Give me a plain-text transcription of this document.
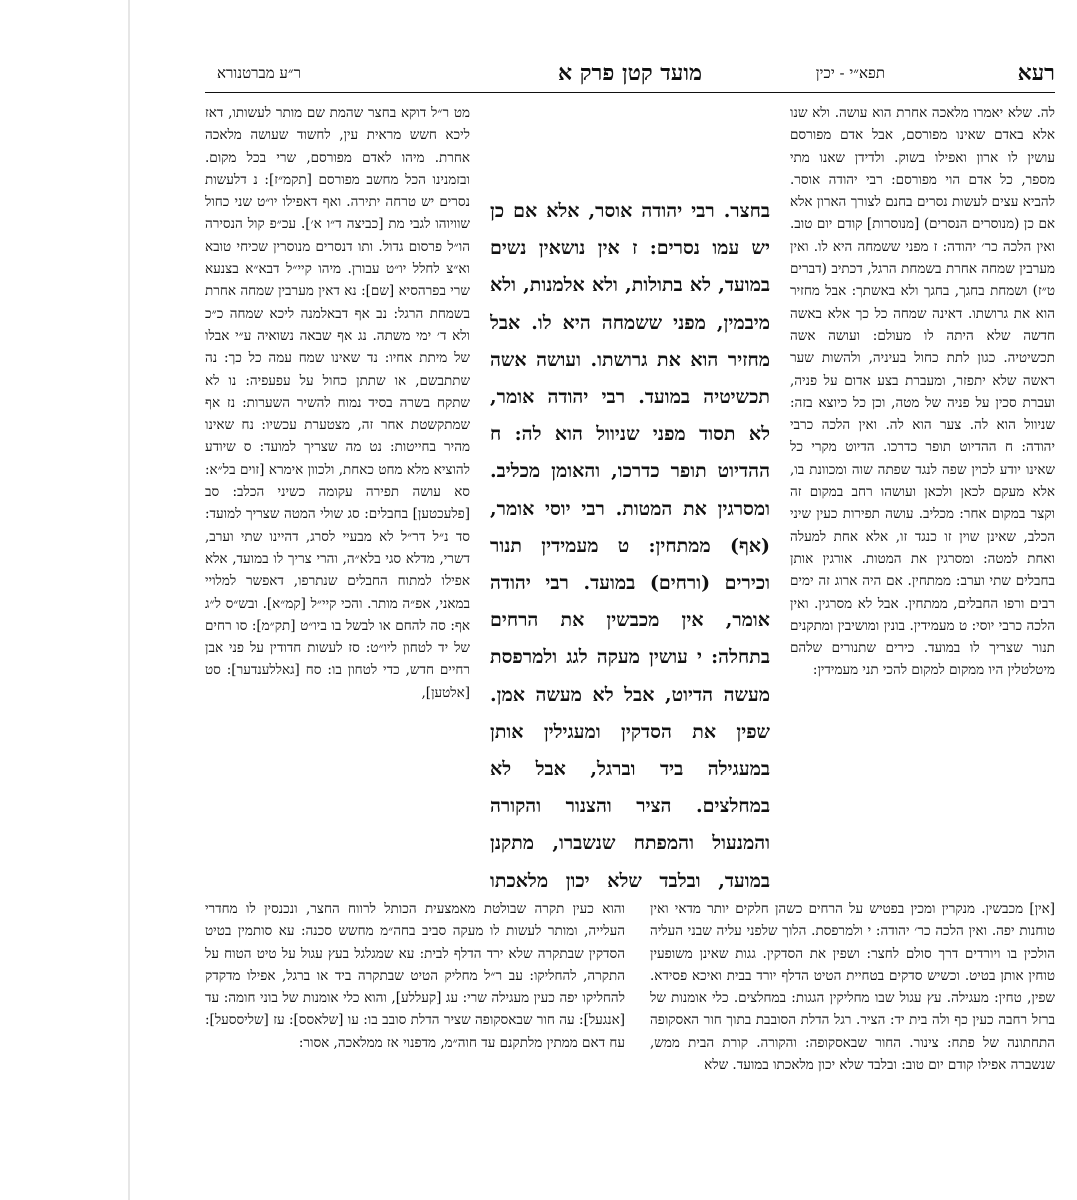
רעא
תפא״י - יכין
מועד קטן פרק א
ר״ע מברטנורא

לה. שלא יאמרו מלאכה אחרת הוא עושה. ולא שנו אלא באדם שאינו מפורסם, אבל אדם מפורסם עושין לו ארון ואפילו בשוק. ולדידן שאנו מתי מספר, כל אדם הוי מפורסם: רבי יהודה אוסר. להביא עצים לעשות נסרים בחנם לצורך הארון אלא אם כן (מנוסרים הנסרים) [מנוסרות] קודם יום טוב. ואין הלכה כר׳ יהודה: ז מפני ששמחה היא לו. ואין מערבין שמחה אחרת בשמחת הרגל, דכתיב (דברים ט״ז) ושמחת בחגך, בחגך ולא באשתך: אבל מחזיר הוא את גרושתו. דאינה שמחה כל כך אלא באשה חדשה שלא היתה לו מעולם: ועושה אשה תכשיטיה. כגון לתת כחול בעיניה, ולהשות שער ראשה שלא יתפזר, ומעברת בצע אדום על פניה, ועברת סכין על פניה של מטה, וכן כל כיוצא בזה: שניוול הוא לה. צער הוא לה. ואין הלכה כרבי יהודה: ח ההדיוט תופר כדרכו. הדיוט מקרי כל שאינו יודע לכוין שפה לנגד שפתה שוה ומכוונת בו, אלא מעקם לכאן ולכאן ועושהו רחב במקום זה וקצר במקום אחר: מכליב. עושה תפירות כעין שיני הכלב, שאינן שוין זו כנגד זו, אלא אחת למעלה ואחת למטה: ומסרגין את המטות. אורגין אותן בחבלים שתי וערב: ממתחין. אם היה ארוג זה ימים רבים ורפו החבלים, ממתחין. אבל לא מסרגין. ואין הלכה כרבי יוסי: ט מעמידין. בונין ומושיבין ומתקנים תנור שצריך לו במועד. כירים שתנורים שלהם מיטלטלין היו ממקום למקום להכי תני מעמידין:

מט ר״ל דוקא בחצר שהמת שם מותר לעשותו, דאז ליכא חשש מראית עין, לחשוד שעושה מלאכה אחרת. מיהו לאדם מפורסם, שרי בכל מקום. ובזמנינו הכל מחשב מפורסם [תקמ״ז]: נ דלעשות נסרים יש טרחה יתירה. ואף דאפילו יו״ט שני כחול שוויוהו לגבי מת [כביצה ד״ו א׳]. עכ״פ קול הנסירה הו״ל פרסום גדול. ותו דנסרים מנוסרין שכיחי טובא וא״צ לחלל יו״ט עבורן. מיהו קיי״ל דבא״א בצנעא שרי בפרהסיא [שם]: נא דאין מערבין שמחה אחרת בשמחת הרגל: נב אף דבאלמנה ליכא שמחה כ״כ ולא ד׳ ימי משתה. נג אף שבאה נשואיה ע״י אבלו של מיתת אחיו: נד שאינו שמח עמה כל כך: נה שתתבשם, או שתתן כחול על עפעפיה: נו לא שתקח בשרה בסיד נמוח להשיר השערות: נז אף שמתקשטת אחר זה, מצטערת עכשיו: נח שאינו מהיר בחייטות: נט מה שצריך למועד: ס שיודע להוציא מלא מחט כאחת, ולכוון אימרא [זוים בל״א: סא עושה תפירה עקומה כשיני הכלב: סב [פלעכטען] בחבלים: סג שולי המטה שצריך למועד: סד נ״ל דר״ל לא מבעיי לסרג, דהיינו שתי וערב, דשרי, מדלא סגי בלא״ה, והרי צריך לו במועד, אלא אפילו למתוח החבלים שנתרפו, דאפשר למלויי במאני, אפ״ה מותר. והכי קיי״ל [קמ״א]. ובש״ס ל״ג אף: סה להחם או לבשל בו ביו״ט [תק״מ]: סו רחים של יד לטחון ליו״ט: סז לעשות חדודין על פני אבן רחיים חדש, כדי לטחון בו: סח [גאללענדער]: סט [אלטען],

בחצר. רבי יהודה אוסר, אלא אם כן יש עמו נסרים: ז אין נושאין נשים במועד, לא בתולות, ולא אלמנות, ולא מיבמין, מפני ששמחה היא לו. אבל מחזיר הוא את גרושתו. ועושה אשה תכשיטיה במועד. רבי יהודה אומר, לא תסוד מפני שניוול הוא לה: ח ההדיוט תופר כדרכו, והאומן מכליב. ומסרגין את המטות. רבי יוסי אומר, (אף) ממתחין: ט מעמידין תנור וכירים (ורחים) במועד. רבי יהודה אומר, אין מכבשין את הרחים בתחלה: י עושין מעקה לגג ולמרפסת מעשה הדיוט, אבל לא מעשה אמן. שפין את הסדקין ומעגילין אותן במעגילה ביד וברגל, אבל לא במחלצים. הציר והצנור והקורה והמנעול והמפתח שנשברו, מתקנן במועד, ובלבד שלא יכון מלאכתו

[אין] מכבשין. מנקרין ומכין בפטיש על הרחים כשהן חלקים יותר מדאי ואין טוחנות יפה. ואין הלכה כר׳ יהודה: י ולמרפסת. הלוך שלפני עליה שבני העליה הולכין בו ויורדים דרך סולם לחצר: ושפין את הסדקין. גגות שאינן משופעין טוחין אותן בטיט. וכשיש סדקים בטחיית הטיט הדלף יורד בבית ואיכא פסידא. שפין, טחין: מעגילה. עץ עגול שבו מחליקין הגגות: במחלצים. כלי אומנות של ברזל רחבה כעין כף ולה בית יד: הציר. רגל הדלת הסובבת בתוך חור האסקופה התחתונה של פתח: צינור. החור שבאסקופה: והקורה. קורת הבית ממש, שנשברה אפילו קודם יום טוב: ובלבד שלא יכון מלאכתו במועד. שלא

והוא כעין תקרה שבולטת מאמצעית הכותל לרווח החצר, ונכנסין לו מחדרי העלייה, ומותר לעשות לו מעקה סביב בחה״מ מחשש סכנה: עא סותמין בטיט הסדקין שבתקרה שלא ירד הדלף לבית: עא שמגלגל בעץ עגול על טיט הטוח על התקרה, להחליקו: עב ר״ל מחליק הטיט שבתקרה ביד או ברגל, אפילו מדקדק להחליקו יפה כעין מעגילה שרי: עג [קעללע], והוא כלי אומנות של בוני חומה: עד [אנגעל]: עה חור שבאסקופה שציר הדלת סובב בו: עו [שלאסס]: עז [שליססעל]: עח דאם ממתין מלתקנם עד חוה״מ, מדפנוי אז ממלאכה, אסור:
